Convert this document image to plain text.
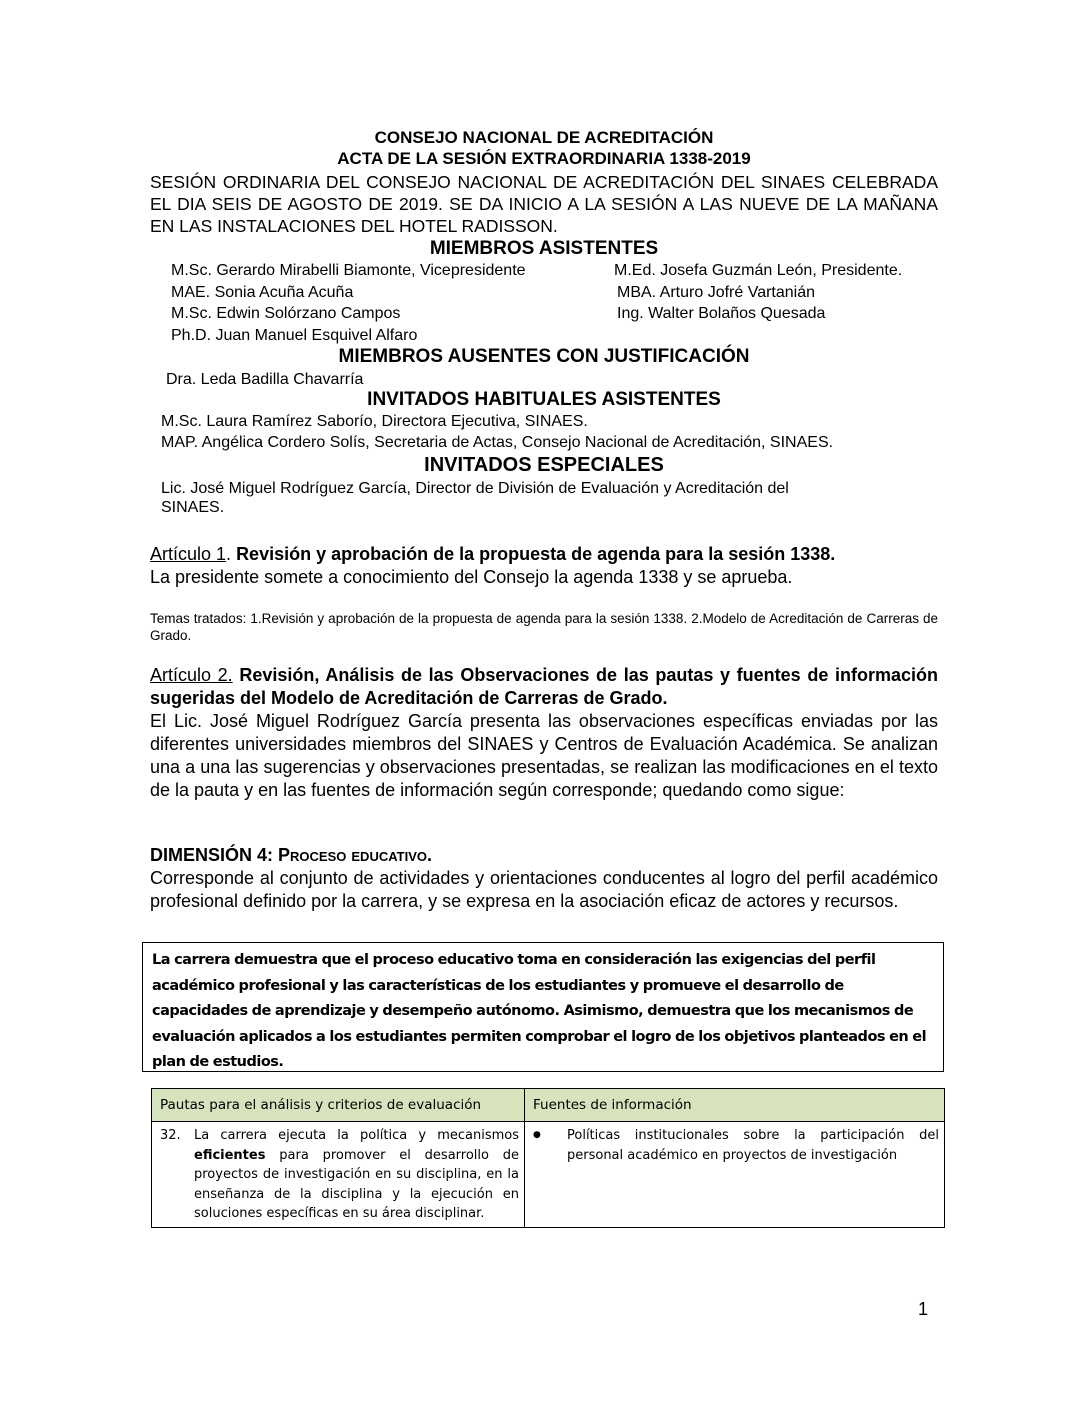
CONSEJO NACIONAL DE ACREDITACIÓN
ACTA DE LA SESIÓN EXTRAORDINARIA 1338-2019
SESIÓN ORDINARIA DEL CONSEJO NACIONAL DE ACREDITACIÓN DEL SINAES CELEBRADA EL DIA SEIS DE AGOSTO DE 2019. SE DA INICIO A LA SESIÓN A LAS NUEVE DE LA MAÑANA EN LAS INSTALACIONES DEL HOTEL RADISSON.
MIEMBROS ASISTENTES
M.Sc. Gerardo Mirabelli Biamonte, Vicepresidente
MAE. Sonia Acuña Acuña
M.Sc. Edwin Solórzano Campos
Ph.D. Juan Manuel Esquivel Alfaro
M.Ed. Josefa Guzmán León, Presidente.
MBA. Arturo Jofré Vartanián
Ing. Walter Bolaños Quesada
MIEMBROS AUSENTES CON JUSTIFICACIÓN
Dra. Leda Badilla Chavarría
INVITADOS HABITUALES ASISTENTES
M.Sc. Laura Ramírez Saborío, Directora Ejecutiva, SINAES.
MAP. Angélica Cordero Solís, Secretaria de Actas, Consejo Nacional de Acreditación, SINAES.
INVITADOS ESPECIALES
Lic. José Miguel Rodríguez García, Director de División de Evaluación y Acreditación del
SINAES.
Artículo 1. Revisión y aprobación de la propuesta de agenda para la sesión 1338.
La presidente somete a conocimiento del Consejo la agenda 1338 y se aprueba.
Temas tratados: 1.Revisión y aprobación de la propuesta de agenda para la sesión 1338. 2.Modelo de Acreditación de Carreras de Grado.
Artículo 2. Revisión, Análisis de las Observaciones de las pautas y fuentes de información sugeridas del Modelo de Acreditación de Carreras de Grado.
El Lic. José Miguel Rodríguez García presenta las observaciones específicas enviadas por las diferentes universidades miembros del SINAES y Centros de Evaluación Académica. Se analizan una a una las sugerencias y observaciones presentadas, se realizan las modificaciones en el texto de la pauta y en las fuentes de información según corresponde; quedando como sigue:
DIMENSIÓN 4: Proceso educativo.
Corresponde al conjunto de actividades y orientaciones conducentes al logro del perfil académico profesional definido por la carrera, y se expresa en la asociación eficaz de actores y recursos.
La carrera demuestra que el proceso educativo toma en consideración las exigencias del perfil académico profesional y las características de los estudiantes y promueve el desarrollo de capacidades de aprendizaje y desempeño autónomo. Asimismo, demuestra que los mecanismos de evaluación aplicados a los estudiantes permiten comprobar el logro de los objetivos planteados en el plan de estudios.
Pautas para el análisis y criterios de evaluación	Fuentes de información

32. La carrera ejecuta la política y mecanismos eficientes para promover el desarrollo de proyectos de investigación en su disciplina, en la enseñanza de la disciplina y la ejecución en soluciones específicas en su área disciplinar.	● Políticas institucionales sobre la participación del personal académico en proyectos de investigación
1
